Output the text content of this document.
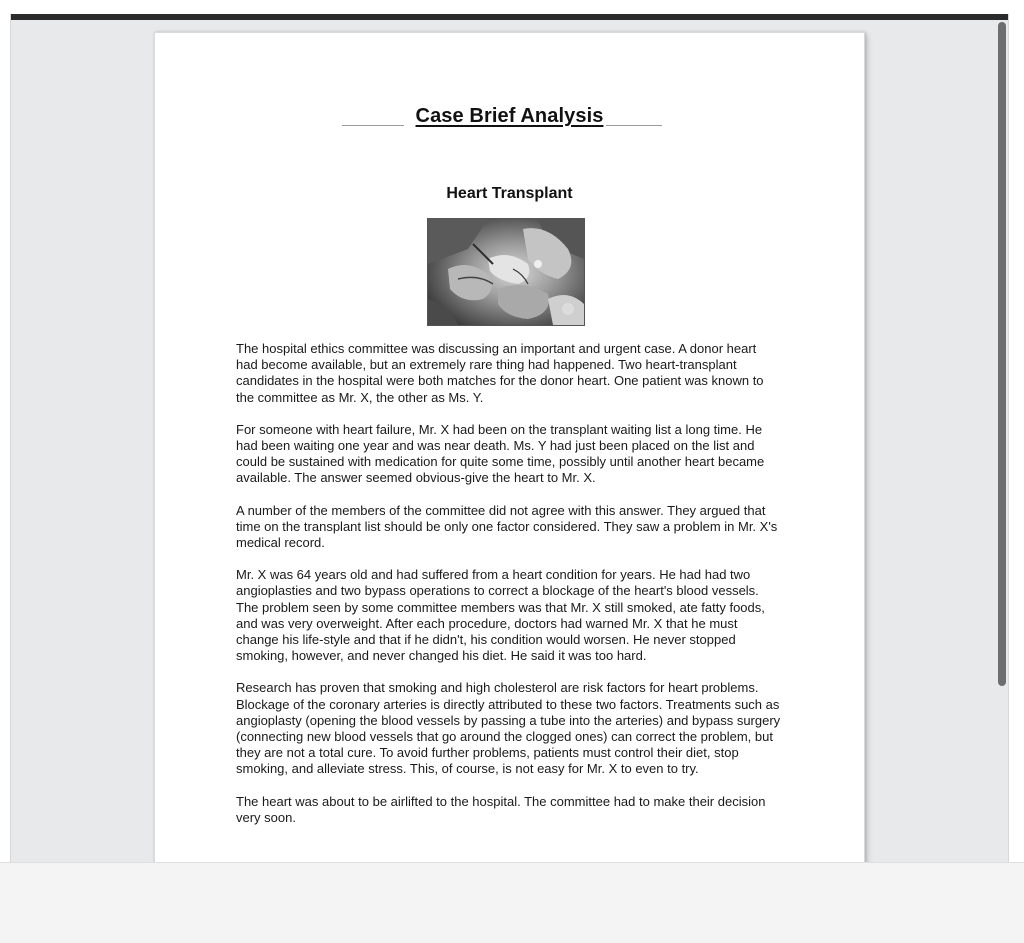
Case Brief Analysis
Heart Transplant

The hospital ethics committee was discussing an important and urgent case. A donor heart had become available, but an extremely rare thing had happened. Two heart-transplant candidates in the hospital were both matches for the donor heart. One patient was known to the committee as Mr. X, the other as Ms. Y.

For someone with heart failure, Mr. X had been on the transplant waiting list a long time. He had been waiting one year and was near death. Ms. Y had just been placed on the list and could be sustained with medication for quite some time, possibly until another heart became available. The answer seemed obvious-give the heart to Mr. X.

A number of the members of the committee did not agree with this answer. They argued that time on the transplant list should be only one factor considered. They saw a problem in Mr. X's medical record.

Mr. X was 64 years old and had suffered from a heart condition for years. He had had two angioplasties and two bypass operations to correct a blockage of the heart's blood vessels. The problem seen by some committee members was that Mr. X still smoked, ate fatty foods, and was very overweight. After each procedure, doctors had warned Mr. X that he must change his life-style and that if he didn't, his condition would worsen. He never stopped smoking, however, and never changed his diet. He said it was too hard.

Research has proven that smoking and high cholesterol are risk factors for heart problems. Blockage of the coronary arteries is directly attributed to these two factors. Treatments such as angioplasty (opening the blood vessels by passing a tube into the arteries) and bypass surgery (connecting new blood vessels that go around the clogged ones) can correct the problem, but they are not a total cure. To avoid further problems, patients must control their diet, stop smoking, and alleviate stress. This, of course, is not easy for Mr. X to even to try.

The heart was about to be airlifted to the hospital. The committee had to make their decision very soon.
